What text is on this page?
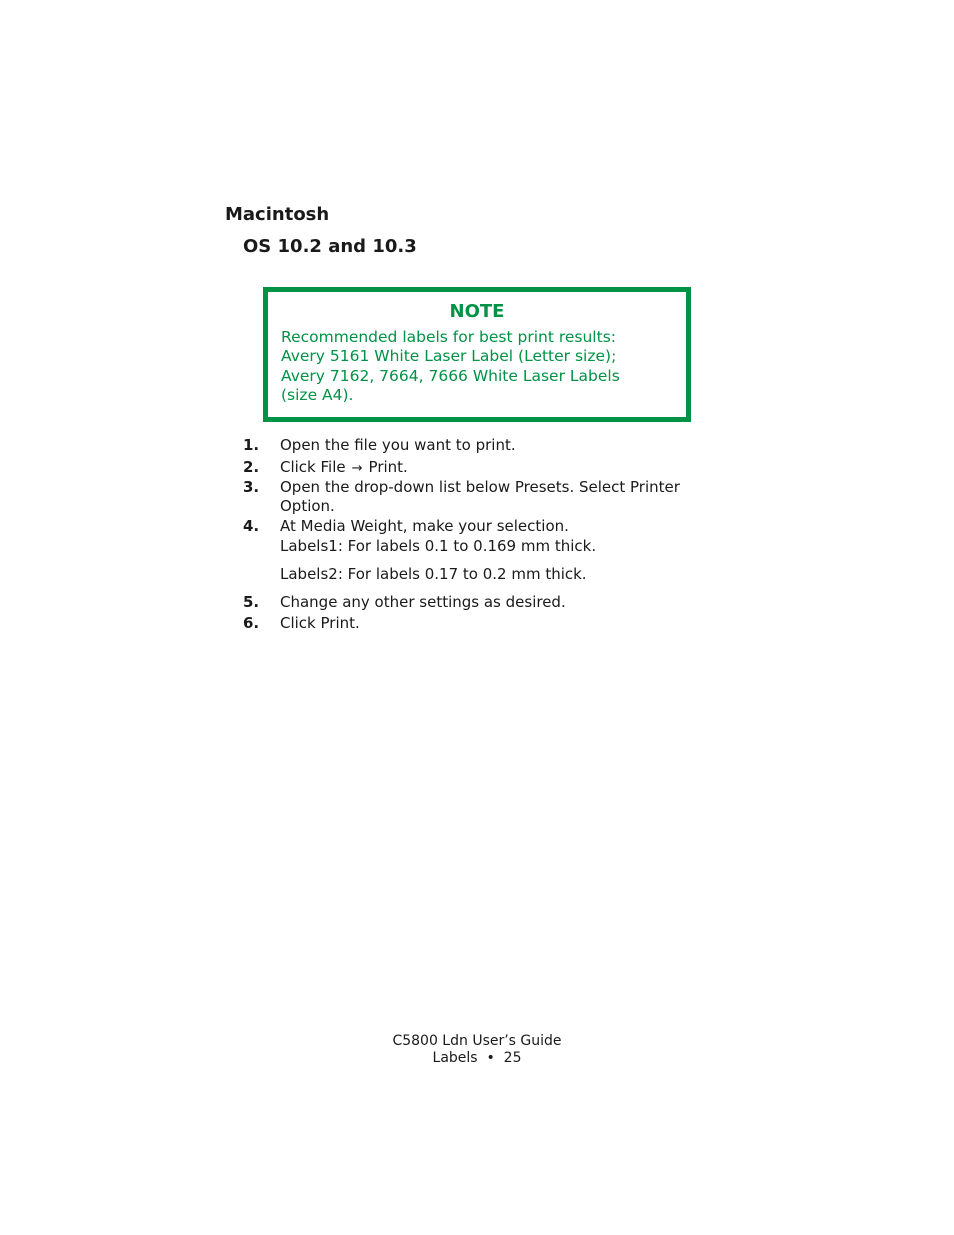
Macintosh
OS 10.2 and 10.3
NOTE
Recommended labels for best print results:
Avery 5161 White Laser Label (Letter size);
Avery 7162, 7664, 7666 White Laser Labels
(size A4).
1. Open the file you want to print.
2. Click File → Print.
3. Open the drop-down list below Presets. Select Printer
Option.
4. At Media Weight, make your selection.
Labels1: For labels 0.1 to 0.169 mm thick.
Labels2: For labels 0.17 to 0.2 mm thick.
5. Change any other settings as desired.
6. Click Print.
C5800 Ldn User’s Guide
Labels • 25
